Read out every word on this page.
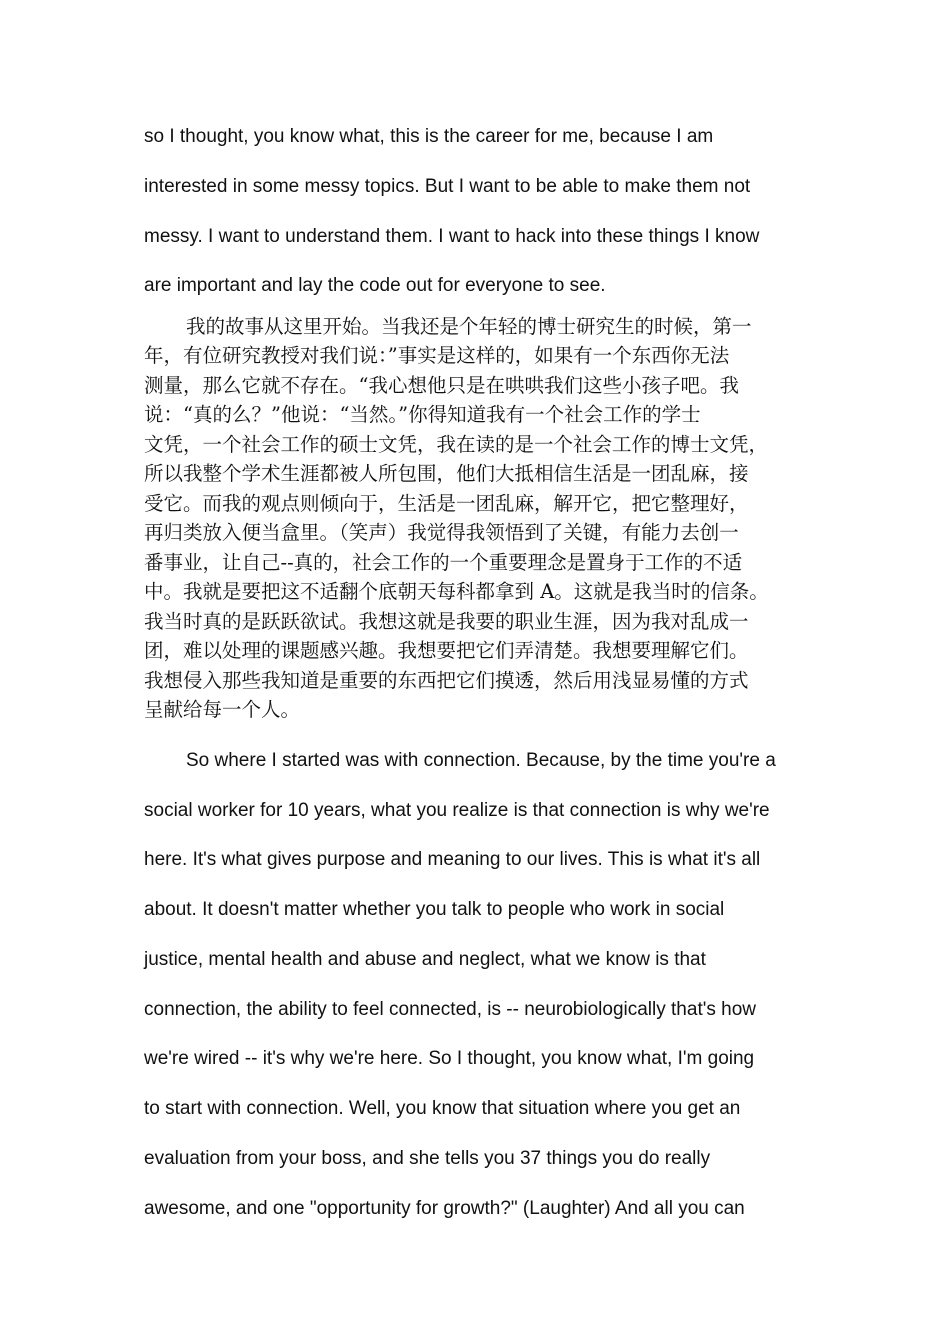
so I thought, you know what, this is the career for me, because I am
interested in some messy topics. But I want to be able to make them not
messy. I want to understand them. I want to hack into these things I know
are important and lay the code out for everyone to see.
我的故事从这里开始。当我还是个年轻的博士研究生的时候，第一
年，有位研究教授对我们说：”事实是这样的，如果有一个东西你无法
测量，那么它就不存在。“我心想他只是在哄哄我们这些小孩子吧。我
说：“真的么？”他说：“当然。”你得知道我有一个社会工作的学士
文凭，一个社会工作的硕士文凭，我在读的是一个社会工作的博士文凭，
所以我整个学术生涯都被人所包围，他们大抵相信生活是一团乱麻，接
受它。而我的观点则倾向于，生活是一团乱麻，解开它，把它整理好，
再归类放入便当盒里。（笑声）我觉得我领悟到了关键，有能力去创一
番事业，让自己--真的，社会工作的一个重要理念是置身于工作的不适
中。我就是要把这不适翻个底朝天每科都拿到 A。这就是我当时的信条。
我当时真的是跃跃欲试。我想这就是我要的职业生涯，因为我对乱成一
团，难以处理的课题感兴趣。我想要把它们弄清楚。我想要理解它们。
我想侵入那些我知道是重要的东西把它们摸透，然后用浅显易懂的方式
呈献给每一个人。
So where I started was with connection. Because, by the time you're a
social worker for 10 years, what you realize is that connection is why we're
here. It's what gives purpose and meaning to our lives. This is what it's all
about. It doesn't matter whether you talk to people who work in social
justice, mental health and abuse and neglect, what we know is that
connection, the ability to feel connected, is -- neurobiologically that's how
we're wired -- it's why we're here. So I thought, you know what, I'm going
to start with connection. Well, you know that situation where you get an
evaluation from your boss, and she tells you 37 things you do really
awesome, and one "opportunity for growth?" (Laughter) And all you can
